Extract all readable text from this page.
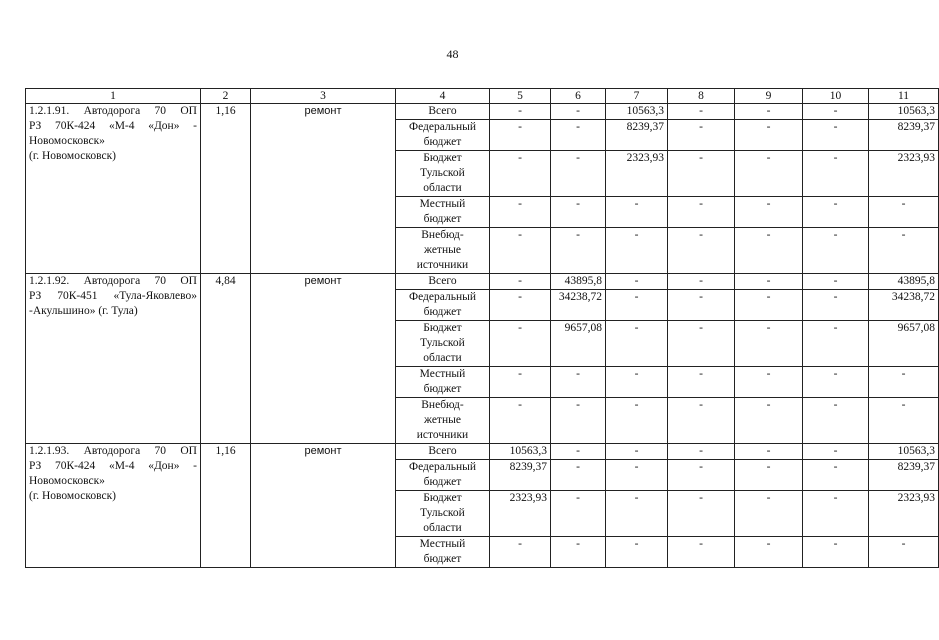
48
1	2	3	4	5	6	7	8	9	10	11

1.2.1.91. Автодорога 70 ОП
РЗ 70К-424 «М-4 «Дон» -
Новомосковск»
(г. Новомосковск)	1,16	ремонт	Всего	-	-	10563,3	-	-	-	10563,3

			Федеральный
бюджет	-	-	8239,37	-	-	-	8239,37

			Бюджет
Тульской
области	-	-	2323,93	-	-	-	2323,93

			Местный
бюджет	-	-	-	-	-	-	-

			Внебюд-
жетные
источники	-	-	-	-	-	-	-

1.2.1.92. Автодорога 70 ОП
РЗ 70К-451 «Тула-Яковлево»
-Акульшино» (г. Тула)	4,84	ремонт	Всего	-	43895,8	-	-	-	-	43895,8

			Федеральный
бюджет	-	34238,72	-	-	-	-	34238,72

			Бюджет
Тульской
области	-	9657,08	-	-	-	-	9657,08

			Местный
бюджет	-	-	-	-	-	-	-

			Внебюд-
жетные
источники	-	-	-	-	-	-	-

1.2.1.93. Автодорога 70 ОП
РЗ 70К-424 «М-4 «Дон» -
Новомосковск»
(г. Новомосковск)	1,16	ремонт	Всего	10563,3	-	-	-	-	-	10563,3

			Федеральный
бюджет	8239,37	-	-	-	-	-	8239,37

			Бюджет
Тульской
области	2323,93	-	-	-	-	-	2323,93

			Местный
бюджет	-	-	-	-	-	-	-
